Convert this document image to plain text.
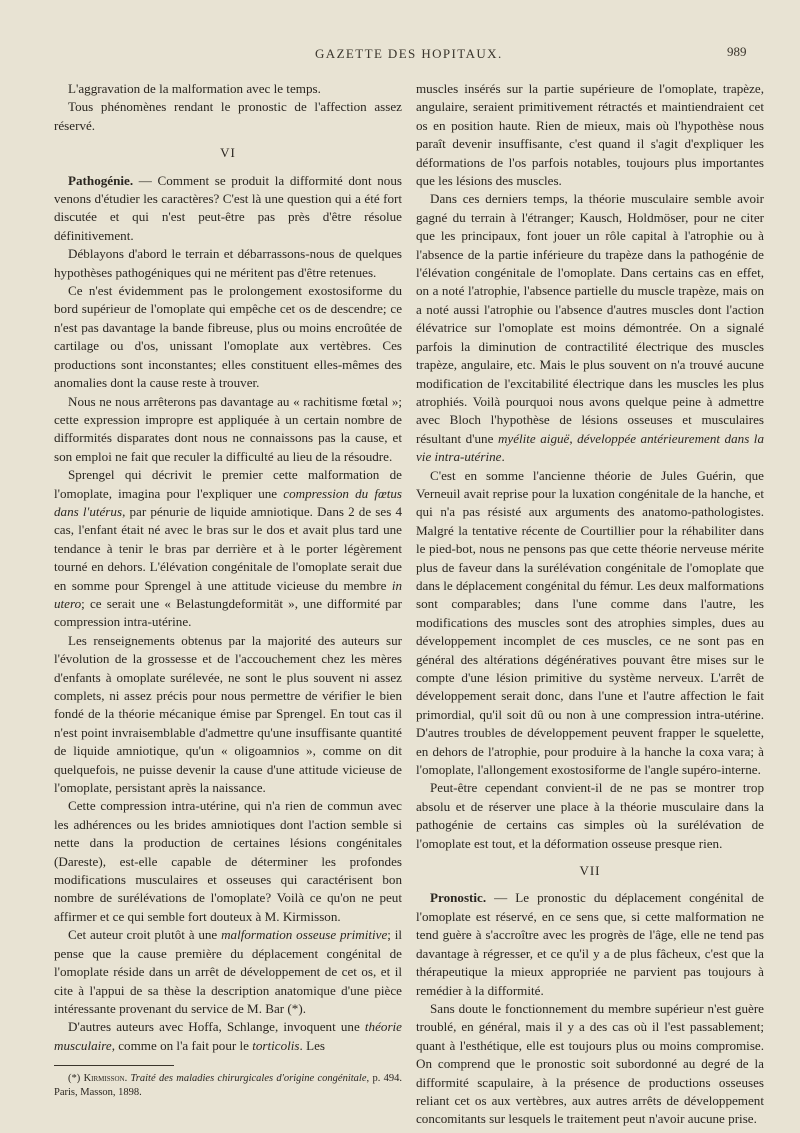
GAZETTE DES HOPITAUX.	989

L'aggravation de la malformation avec le temps.

Tous phénomènes rendant le pronostic de l'affection assez réservé.

VI

Pathogénie. — Comment se produit la difformité dont nous venons d'étudier les caractères? C'est là une question qui a été fort discutée et qui n'est peut-être pas près d'être résolue définitivement.

Déblayons d'abord le terrain et débarrassons-nous de quelques hypothèses pathogéniques qui ne méritent pas d'être retenues.

Ce n'est évidemment pas le prolongement exostosiforme du bord supérieur de l'omoplate qui empêche cet os de descendre; ce n'est pas davantage la bande fibreuse, plus ou moins encroûtée de cartilage ou d'os, unissant l'omoplate aux vertèbres. Ces productions sont inconstantes; elles constituent elles-mêmes des anomalies dont la cause reste à trouver.

Nous ne nous arrêterons pas davantage au « rachitisme fœtal »; cette expression impropre est appliquée à un certain nombre de difformités disparates dont nous ne connaissons pas la cause, et son emploi ne fait que reculer la difficulté au lieu de la résoudre.

Sprengel qui décrivit le premier cette malformation de l'omoplate, imagina pour l'expliquer une compression du fœtus dans l'utérus, par pénurie de liquide amniotique. Dans 2 de ses 4 cas, l'enfant était né avec le bras sur le dos et avait plus tard une tendance à tenir le bras par derrière et à le porter légèrement tourné en dehors. L'élévation congénitale de l'omoplate serait due en somme pour Sprengel à une attitude vicieuse du membre in utero; ce serait une « Belastungdeformität », une difformité par compression intra-utérine.

Les renseignements obtenus par la majorité des auteurs sur l'évolution de la grossesse et de l'accouchement chez les mères d'enfants à omoplate surélevée, ne sont le plus souvent ni assez complets, ni assez précis pour nous permettre de vérifier le bien fondé de la théorie mécanique émise par Sprengel. En tout cas il n'est point invraisemblable d'admettre qu'une insuffisante quantité de liquide amniotique, qu'un « oligoamnios », comme on dit quelquefois, ne puisse devenir la cause d'une attitude vicieuse de l'omoplate, persistant après la naissance.

Cette compression intra-utérine, qui n'a rien de commun avec les adhérences ou les brides amniotiques dont l'action semble si nette dans la production de certaines lésions congénitales (Dareste), est-elle capable de déterminer les profondes modifications musculaires et osseuses qui caractérisent bon nombre de surélévations de l'omoplate? Voilà ce qu'on ne peut affirmer et ce qui semble fort douteux à M. Kirmisson.

Cet auteur croit plutôt à une malformation osseuse primitive; il pense que la cause première du déplacement congénital de l'omoplate réside dans un arrêt de développement de cet os, et il cite à l'appui de sa thèse la description anatomique d'une pièce intéressante provenant du service de M. Bar (*).

D'autres auteurs avec Hoffa, Schlange, invoquent une théorie musculaire, comme on l'a fait pour le torticolis. Les

(*) Kirmisson. Traité des maladies chirurgicales d'origine congénitale, p. 494. Paris, Masson, 1898.

muscles insérés sur la partie supérieure de l'omoplate, trapèze, angulaire, seraient primitivement rétractés et maintiendraient cet os en position haute. Rien de mieux, mais où l'hypothèse nous paraît devenir insuffisante, c'est quand il s'agit d'expliquer les déformations de l'os parfois notables, toujours plus importantes que les lésions des muscles.

Dans ces derniers temps, la théorie musculaire semble avoir gagné du terrain à l'étranger; Kausch, Holdmöser, pour ne citer que les principaux, font jouer un rôle capital à l'atrophie ou à l'absence de la partie inférieure du trapèze dans la pathogénie de l'élévation congénitale de l'omoplate. Dans certains cas en effet, on a noté l'atrophie, l'absence partielle du muscle trapèze, mais on a noté aussi l'atrophie ou l'absence d'autres muscles dont l'action élévatrice sur l'omoplate est moins démontrée. On a signalé parfois la diminution de contractilité électrique des muscles trapèze, angulaire, etc. Mais le plus souvent on n'a trouvé aucune modification de l'excitabilité électrique dans les muscles les plus atrophiés. Voilà pourquoi nous avons quelque peine à admettre avec Bloch l'hypothèse de lésions osseuses et musculaires résultant d'une myélite aiguë, développée antérieurement dans la vie intra-utérine.

C'est en somme l'ancienne théorie de Jules Guérin, que Verneuil avait reprise pour la luxation congénitale de la hanche, et qui n'a pas résisté aux arguments des anatomo-pathologistes. Malgré la tentative récente de Courtillier pour la réhabiliter dans le pied-bot, nous ne pensons pas que cette théorie nerveuse mérite plus de faveur dans la surélévation congénitale de l'omoplate que dans le déplacement congénital du fémur. Les deux malformations sont comparables; dans l'une comme dans l'autre, les modifications des muscles sont des atrophies simples, dues au développement incomplet de ces muscles, ce ne sont pas en général des altérations dégénératives pouvant être mises sur le compte d'une lésion primitive du système nerveux. L'arrêt de développement serait donc, dans l'une et l'autre affection le fait primordial, qu'il soit dû ou non à une compression intra-utérine. D'autres troubles de développement peuvent frapper le squelette, en dehors de l'atrophie, pour produire à la hanche la coxa vara; à l'omoplate, l'allongement exostosiforme de l'angle supéro-interne.

Peut-être cependant convient-il de ne pas se montrer trop absolu et de réserver une place à la théorie musculaire dans la pathogénie de certains cas simples où la surélévation de l'omoplate est tout, et la déformation osseuse presque rien.

VII

Pronostic. — Le pronostic du déplacement congénital de l'omoplate est réservé, en ce sens que, si cette malformation ne tend guère à s'accroître avec les progrès de l'âge, elle ne tend pas davantage à régresser, et ce qu'il y a de plus fâcheux, c'est que la thérapeutique la mieux appropriée ne parvient pas toujours à remédier à la difformité.

Sans doute le fonctionnement du membre supérieur n'est guère troublé, en général, mais il y a des cas où il l'est passablement; quant à l'esthétique, elle est toujours plus ou moins compromise. On comprend que le pronostic soit subordonné au degré de la difformité scapulaire, à la présence de productions osseuses reliant cet os aux vertèbres, aux autres arrêts de développement concomitants sur lesquels le traitement peut n'avoir aucune prise.
